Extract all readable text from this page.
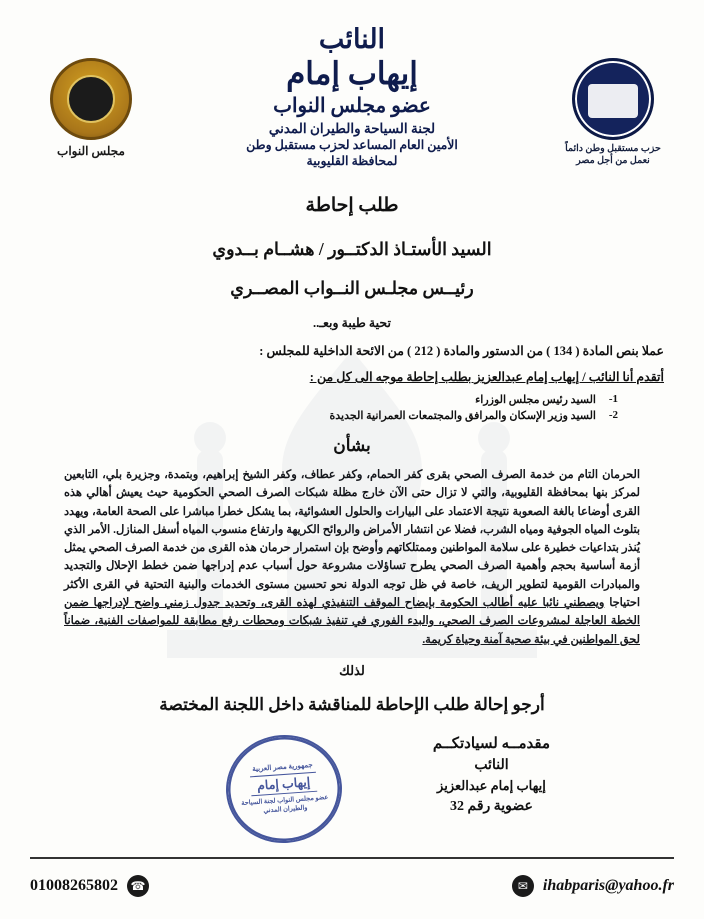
حزب مستقبل وطن دائماً نعمل من أجل مصر
النائب
إيهاب إمام
عضو مجلس النواب
لجنة السياحة والطيران المدني
الأمين العام المساعد لحزب مستقبل وطن
لمحافظة القليوبية
مجلس النواب
طلب إحاطة
السيد الأستـاذ الدكتــور / هشــام بــدوي
رئيــس مجلـس النــواب المصــري
تحية طيبة وبعـ..
عملا بنص المادة ( 134 ) من الدستور والمادة ( 212 ) من الائحة الداخلية للمجلس :
أتقدم أنا النائب / إيهاب إمام عبدالعزيز بطلب إحاطة موجه الى كل من :
1-
السيد رئيس مجلس الوزراء
2-
السيد وزير الإسكان والمرافق والمجتمعات العمرانية الجديدة
بشأن
الحرمان التام من خدمة الصرف الصحي بقرى كفر الحمام، وكفر عطاف، وكفر الشيخ إبراهيم، وبتمدة، وجزيرة بلي، التابعين لمركز بنها بمحافظة القليوبية، والتي لا تزال حتى الآن خارج مظلة شبكات الصرف الصحي الحكومية حيث يعيش أهالي هذه القرى أوضاعا بالغة الصعوبة نتيجة الاعتماد على البيارات والحلول العشوائية، بما يشكل خطرا مباشرا على الصحة العامة، ويهدد بتلوث المياه الجوفية ومياه الشرب، فضلا عن انتشار الأمراض والروائح الكريهة وارتفاع منسوب المياه أسفل المنازل. الأمر الذي يُنذر بتداعيات خطيرة على سلامة المواطنين وممتلكاتهم وأوضح بإن استمرار حرمان هذه القرى من خدمة الصرف الصحي يمثل أزمة أساسية بحجم وأهمية الصرف الصحي يطرح تساؤلات مشروعة حول أسباب عدم إدراجها ضمن خطط الإحلال والتجديد والمبادرات القومية لتطوير الريف، خاصة في ظل توجه الدولة نحو تحسين مستوى الخدمات والبنية التحتية في القرى الأكثر احتياجا ويصطني نائبا عليه أطالب الحكومة بإيضاح الموقف التنفيذي لهذه القرى، وتحديد جدول زمني واضح لإدراجها ضمن الخطة العاجلة لمشروعات الصرف الصحي، والبدء الفوري في تنفيذ شبكات ومحطات رفع مطابقة للمواصفات الفنية، ضماناً لحق المواطنين في بيئة صحية آمنة وحياة كريمة.
لذلك
أرجو إحالة طلب الإحاطة للمناقشة داخل اللجنة المختصة
مقدمــه لسيادتكــم
النائب
إيهاب إمام عبدالعزيز
عضوية رقم 32
جمهورية مصر العربية
إيهاب إمام
عضو مجلس النواب لجنة السياحة والطيران المدني
✉ ihabparis@yahoo.fr
01008265802 ☎
